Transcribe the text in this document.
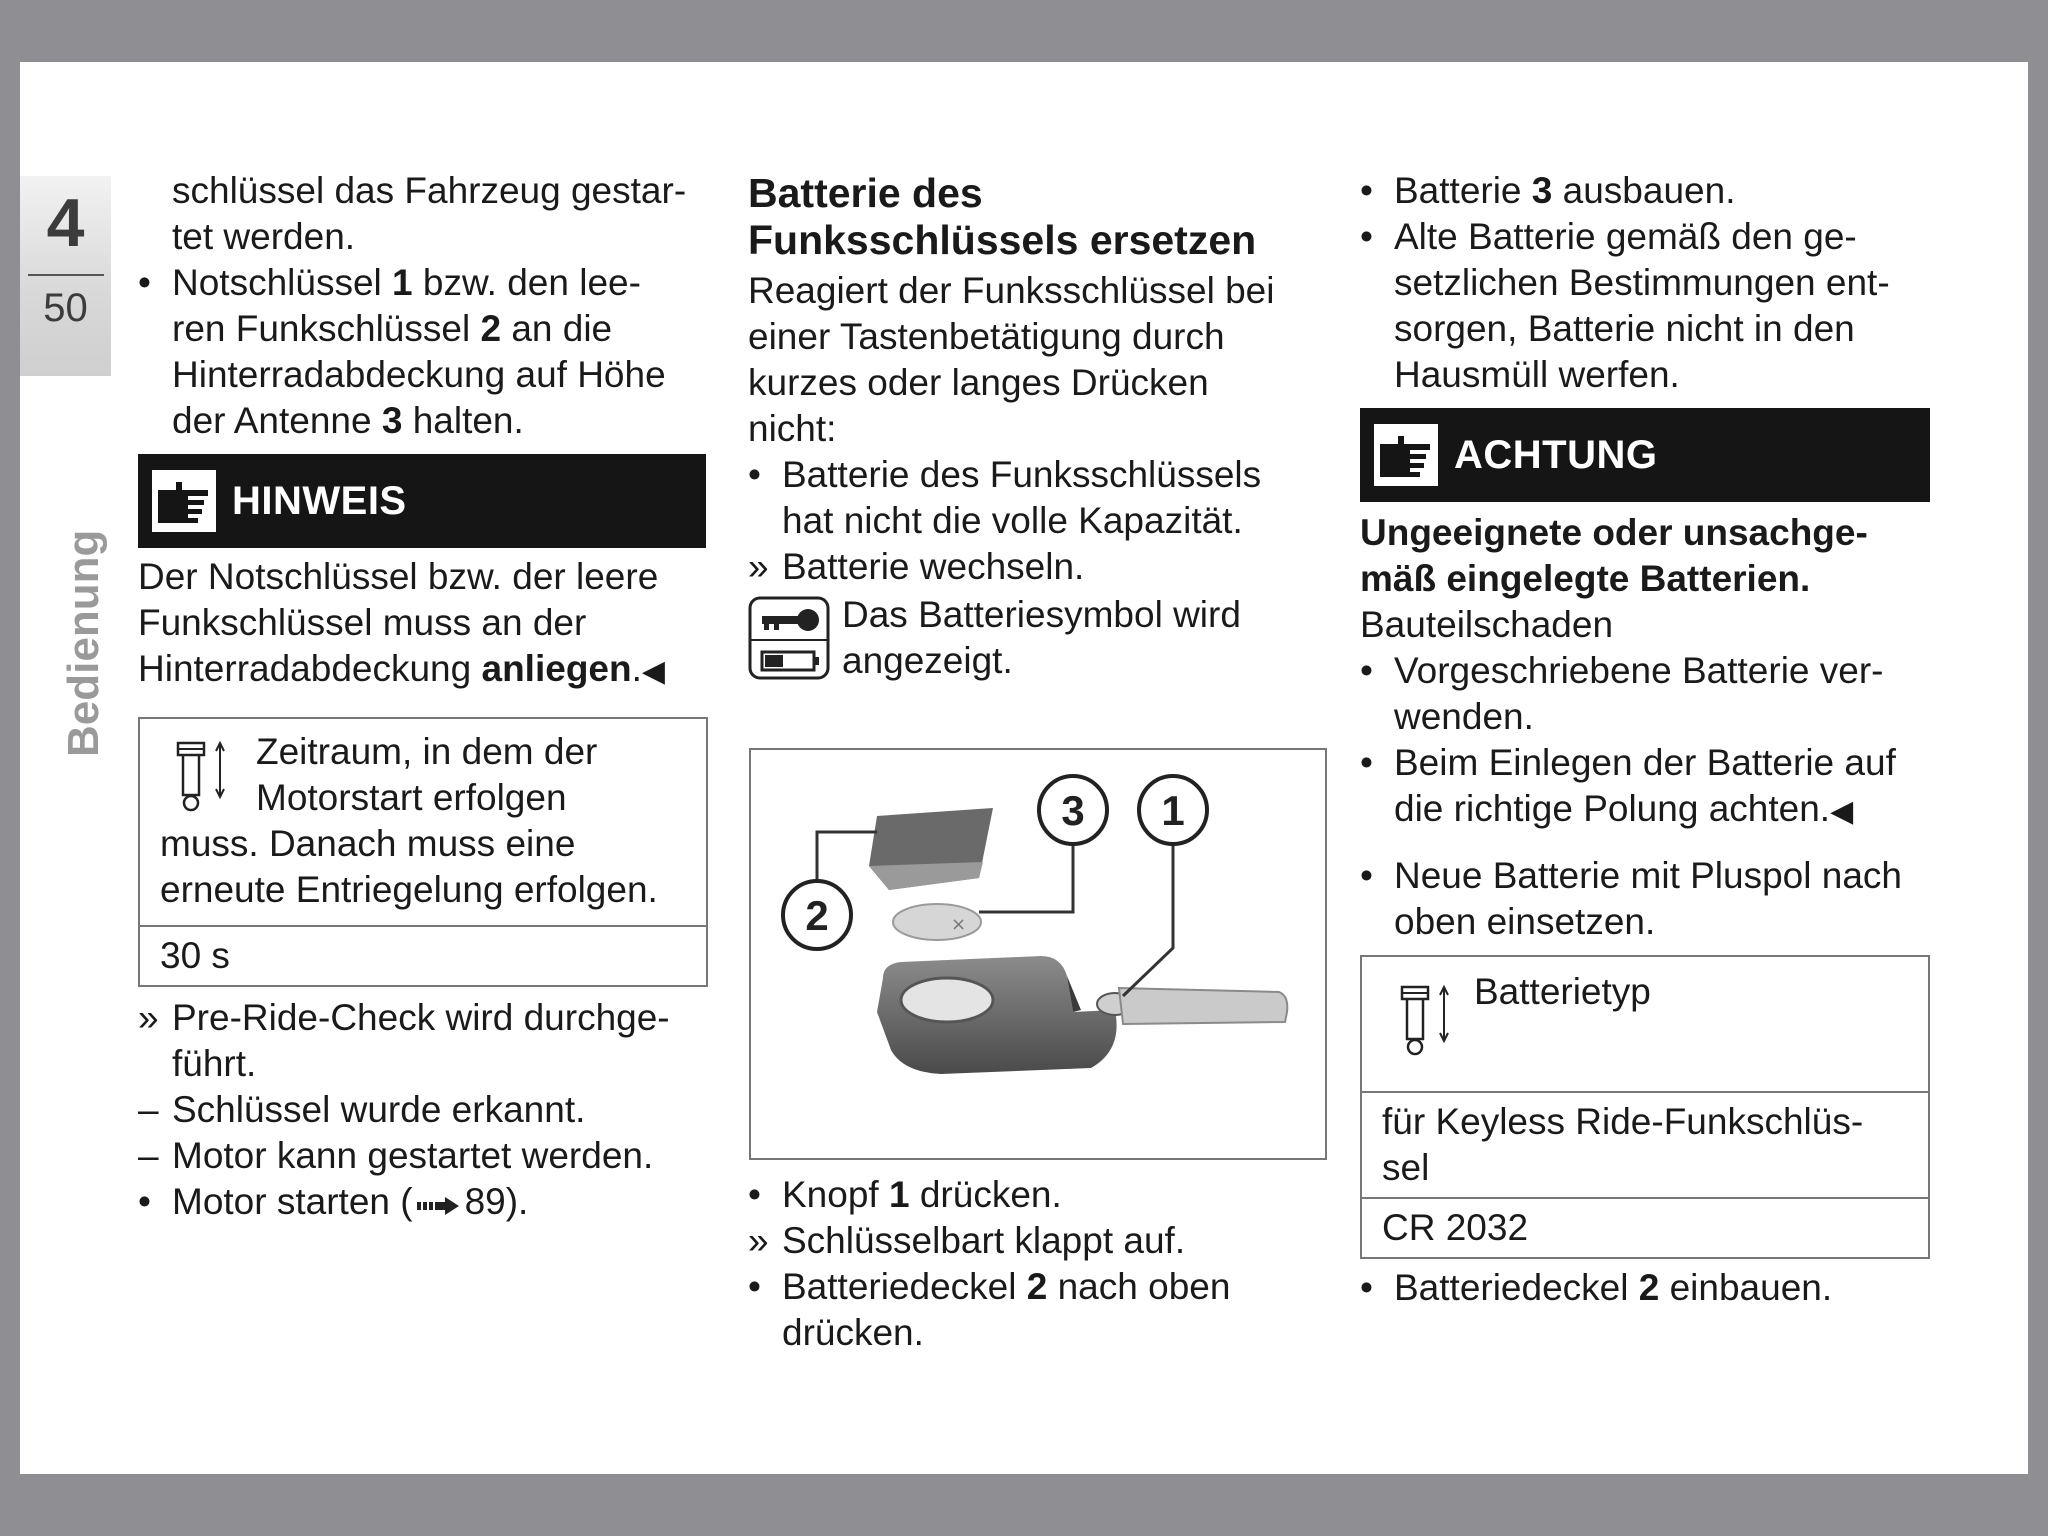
4
50
Bedienung
schlüssel das Fahrzeug gestar-
tet werden.
• Notschlüssel 1 bzw. den lee-
ren Funkschlüssel 2 an die
Hinterradabdeckung auf Höhe
der Antenne 3 halten.
HINWEIS
Der Notschlüssel bzw. der leere
Funkschlüssel muss an der
Hinterradabdeckung anliegen.◀
Zeitraum, in dem der
Motorstart erfolgen
muss. Danach muss eine
erneute Entriegelung erfolgen.
30 s
» Pre-Ride-Check wird durchge-
führt.
– Schlüssel wurde erkannt.
– Motor kann gestartet werden.
• Motor starten ( 89).
Batterie des
Funksschlüssels ersetzen
Reagiert der Funksschlüssel bei
einer Tastenbetätigung durch
kurzes oder langes Drücken
nicht:
• Batterie des Funksschlüssels
hat nicht die volle Kapazität.
» Batterie wechseln.
Das Batteriesymbol wird
angezeigt.
×
2
3 1
• Knopf 1 drücken.
» Schlüsselbart klappt auf.
• Batteriedeckel 2 nach oben
drücken.
• Batterie 3 ausbauen.
• Alte Batterie gemäß den ge-
setzlichen Bestimmungen ent-
sorgen, Batterie nicht in den
Hausmüll werfen.
ACHTUNG
Ungeeignete oder unsachge-
mäß eingelegte Batterien.
Bauteilschaden
• Vorgeschriebene Batterie ver-
wenden.
• Beim Einlegen der Batterie auf
die richtige Polung achten.◀
• Neue Batterie mit Pluspol nach
oben einsetzen.
Batterietyp
für Keyless Ride-Funkschlüs-
sel
CR 2032
• Batteriedeckel 2 einbauen.
